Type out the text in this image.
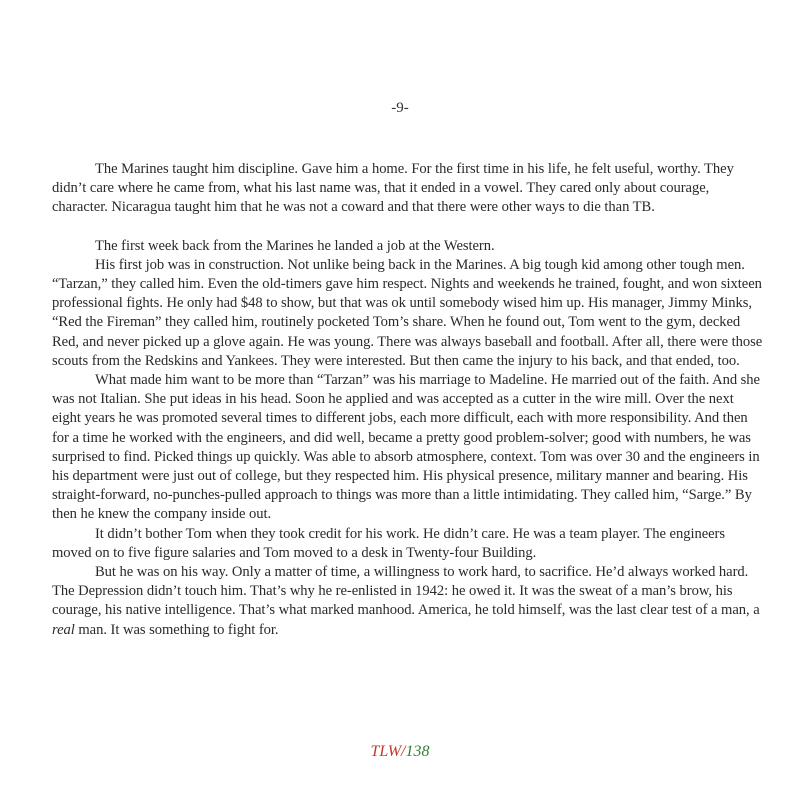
-9-

The Marines taught him discipline. Gave him a home. For the first time in his life, he felt useful, worthy. They didn’t care where he came from, what his last name was, that it ended in a vowel. They cared only about courage, character. Nicaragua taught him that he was not a coward and that there were other ways to die than TB.

The first week back from the Marines he landed a job at the Western.

His first job was in construction. Not unlike being back in the Marines. A big tough kid among other tough men. “Tarzan,” they called him. Even the old-timers gave him respect. Nights and weekends he trained, fought, and won sixteen professional fights. He only had $48 to show, but that was ok until somebody wised him up. His manager, Jimmy Minks, “Red the Fireman” they called him, routinely pocketed Tom’s share. When he found out, Tom went to the gym, decked Red, and never picked up a glove again. He was young. There was always baseball and football. After all, there were those scouts from the Redskins and Yankees. They were interested. But then came the injury to his back, and that ended, too.

What made him want to be more than “Tarzan” was his marriage to Madeline. He married out of the faith. And she was not Italian. She put ideas in his head. Soon he applied and was accepted as a cutter in the wire mill. Over the next eight years he was promoted several times to different jobs, each more difficult, each with more responsibility. And then for a time he worked with the engineers, and did well, became a pretty good problem-solver; good with numbers, he was surprised to find. Picked things up quickly. Was able to absorb atmosphere, context. Tom was over 30 and the engineers in his department were just out of college, but they respected him. His physical presence, military manner and bearing. His straight-forward, no-punches-pulled approach to things was more than a little intimidating. They called him, “Sarge.” By then he knew the company inside out.

It didn’t bother Tom when they took credit for his work. He didn’t care. He was a team player. The engineers moved on to five figure salaries and Tom moved to a desk in Twenty-four Building.

But he was on his way. Only a matter of time, a willingness to work hard, to sacrifice. He’d always worked hard. The Depression didn’t touch him. That’s why he re-enlisted in 1942: he owed it. It was the sweat of a man’s brow, his courage, his native intelligence. That’s what marked manhood. America, he told himself, was the last clear test of a man, a real man. It was something to fight for.

TLW/138
